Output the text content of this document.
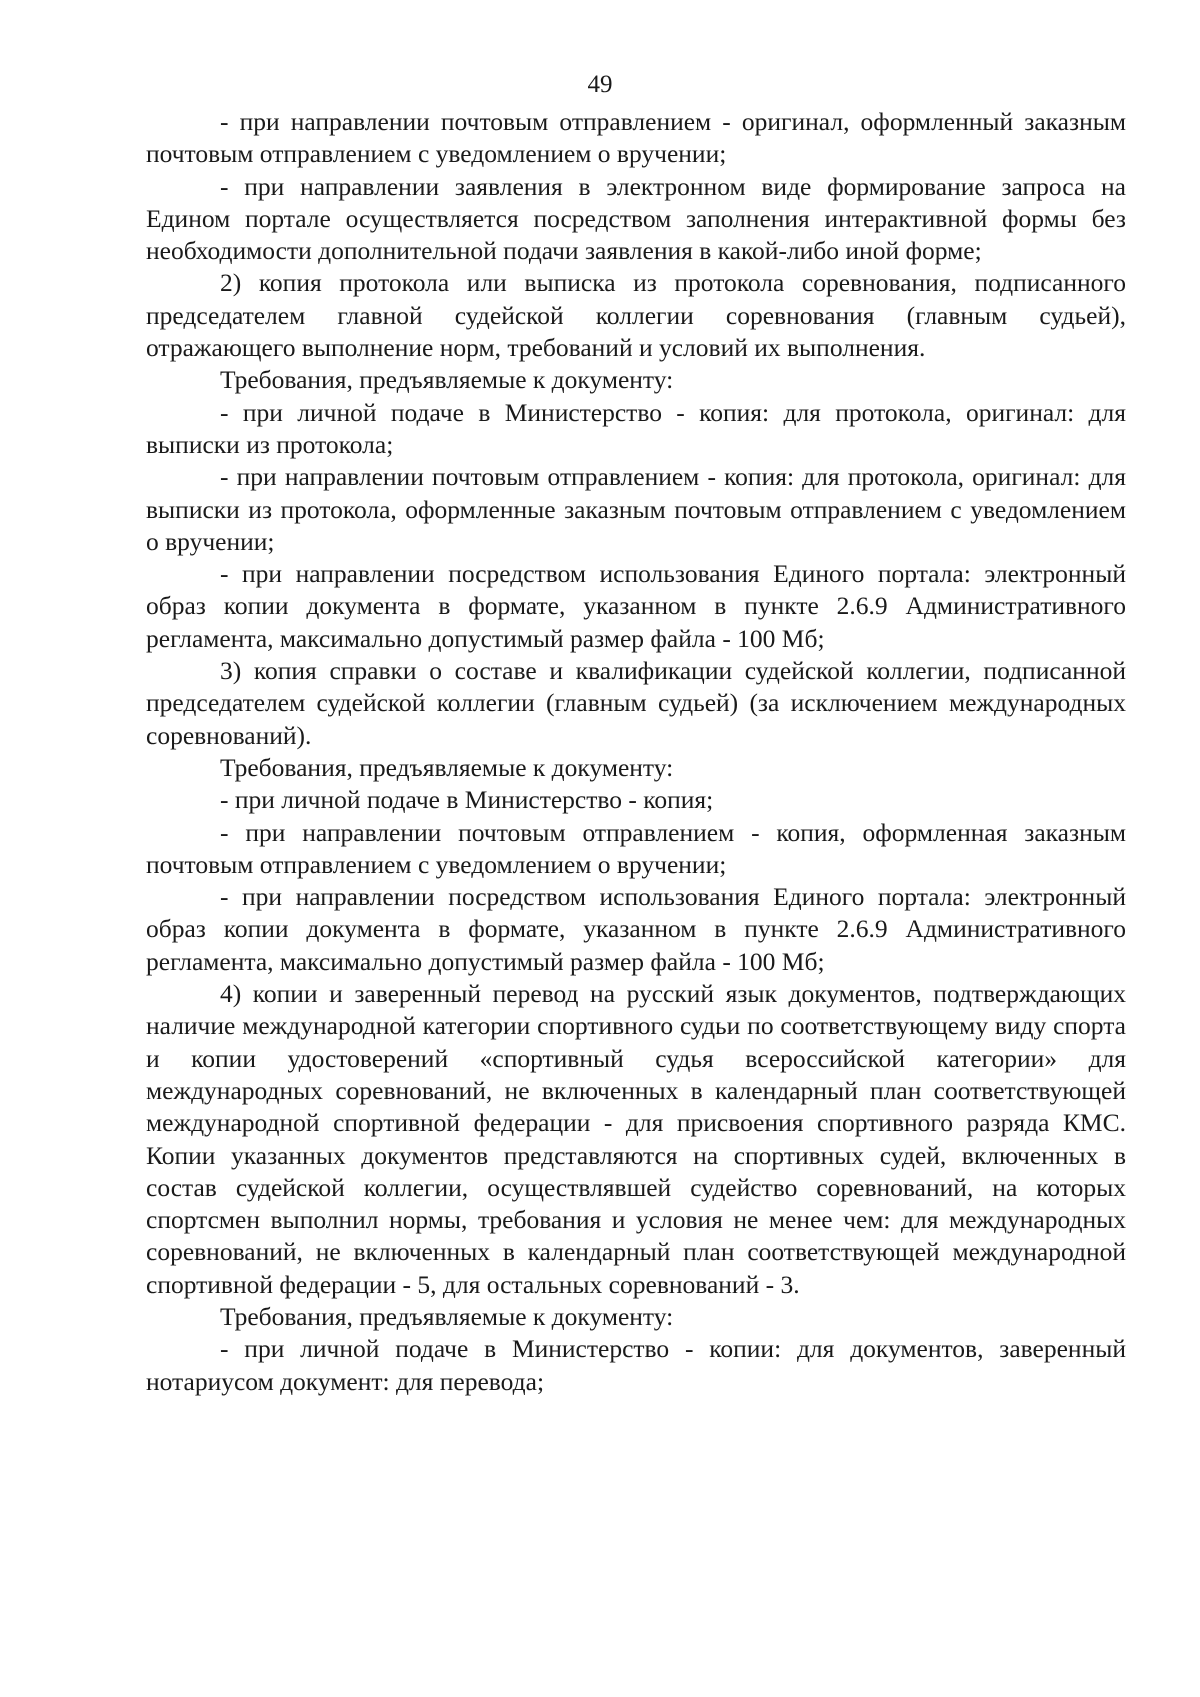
49

- при направлении почтовым отправлением - оригинал, оформленный заказным почтовым отправлением с уведомлением о вручении;

- при направлении заявления в электронном виде формирование запроса на Едином портале осуществляется посредством заполнения интерактивной формы без необходимости дополнительной подачи заявления в какой-либо иной форме;

2) копия протокола или выписка из протокола соревнования, подписанного председателем главной судейской коллегии соревнования (главным судьей), отражающего выполнение норм, требований и условий их выполнения.

Требования, предъявляемые к документу:

- при личной подаче в Министерство - копия: для протокола, оригинал: для выписки из протокола;

- при направлении почтовым отправлением - копия: для протокола, оригинал: для выписки из протокола, оформленные заказным почтовым отправлением с уведомлением о вручении;

- при направлении посредством использования Единого портала: электронный образ копии документа в формате, указанном в пункте 2.6.9 Административного регламента, максимально допустимый размер файла - 100 Мб;

3) копия справки о составе и квалификации судейской коллегии, подписанной председателем судейской коллегии (главным судьей) (за исключением международных соревнований).

Требования, предъявляемые к документу:

- при личной подаче в Министерство - копия;

- при направлении почтовым отправлением - копия, оформленная заказным почтовым отправлением с уведомлением о вручении;

- при направлении посредством использования Единого портала: электронный образ копии документа в формате, указанном в пункте 2.6.9 Административного регламента, максимально допустимый размер файла - 100 Мб;

4) копии и заверенный перевод на русский язык документов, подтверждающих наличие международной категории спортивного судьи по соответствующему виду спорта и копии удостоверений «спортивный судья всероссийской категории» для международных соревнований, не включенных в календарный план соответствующей международной спортивной федерации - для присвоения спортивного разряда КМС. Копии указанных документов представляются на спортивных судей, включенных в состав судейской коллегии, осуществлявшей судейство соревнований, на которых спортсмен выполнил нормы, требования и условия не менее чем: для международных соревнований, не включенных в календарный план соответствующей международной спортивной федерации - 5, для остальных соревнований - 3.

Требования, предъявляемые к документу:

- при личной подаче в Министерство - копии: для документов, заверенный нотариусом документ: для перевода;
